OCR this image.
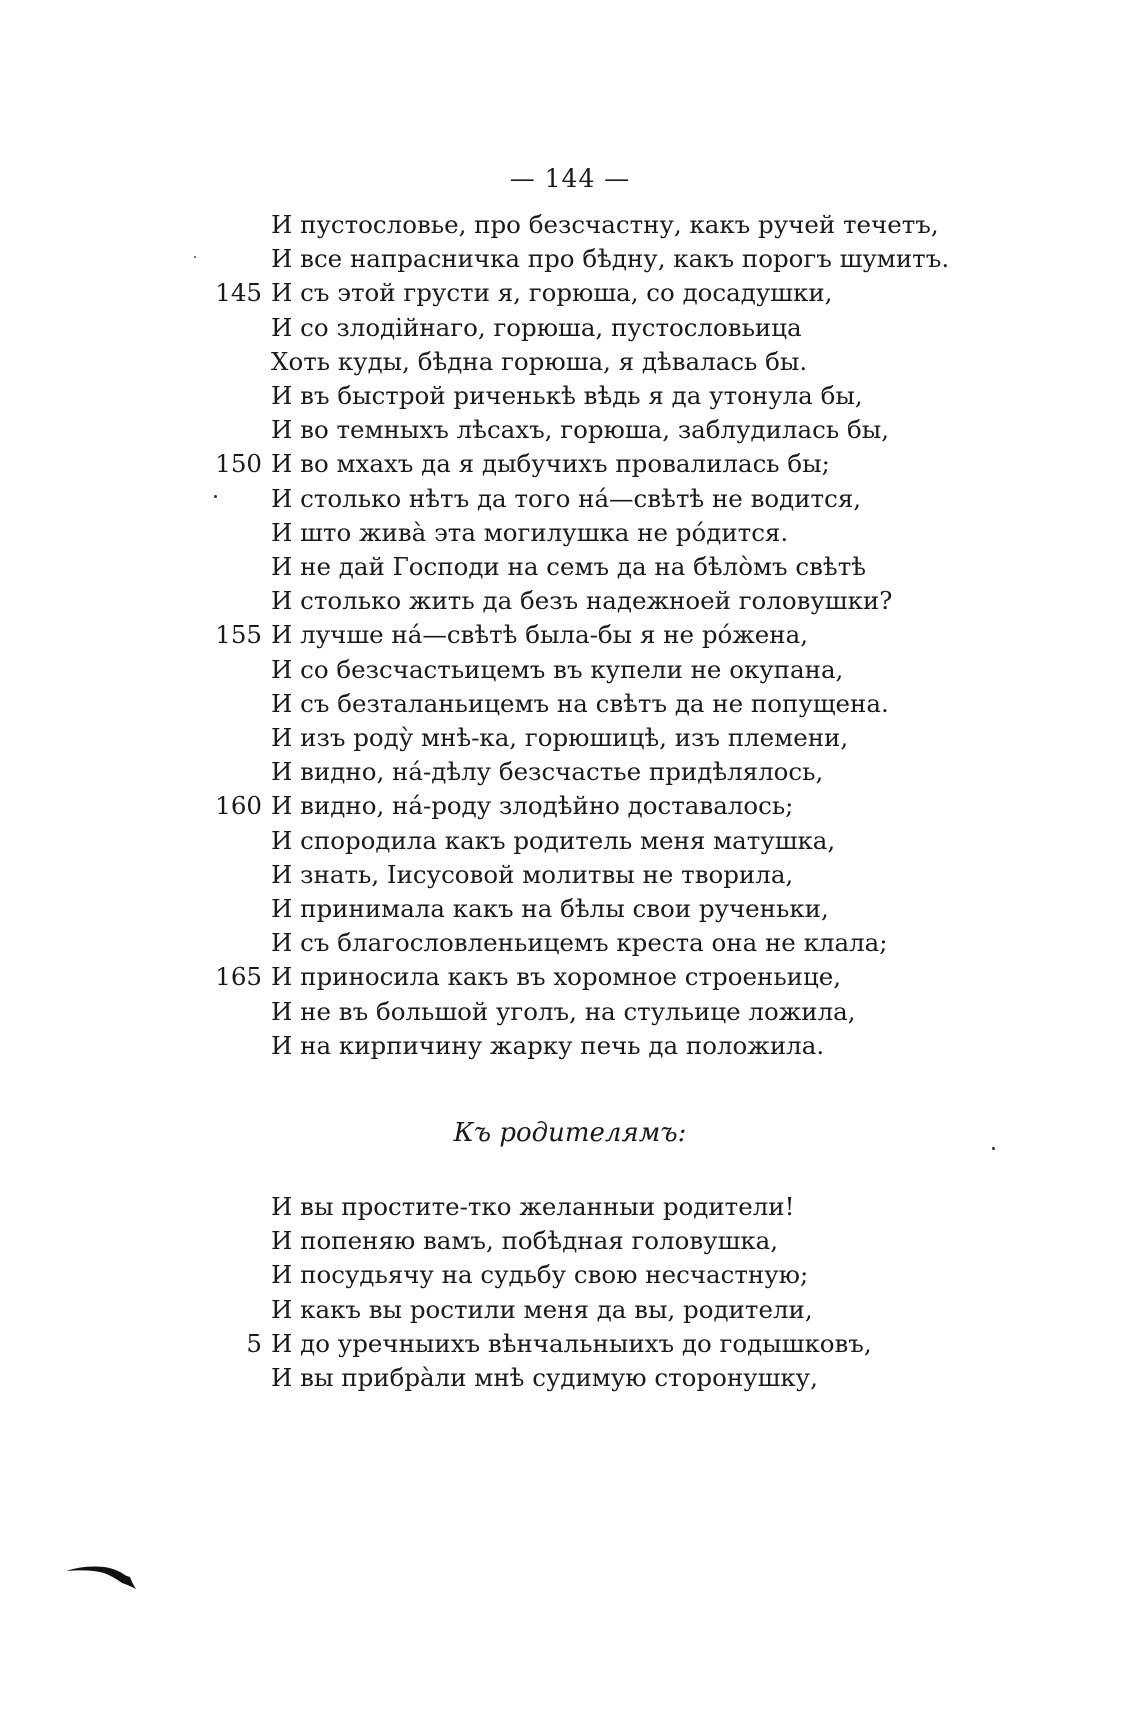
— 144 —
И пустословье, про безсчастну, какъ ручей течетъ,
И все напрасничка про бѣдну, какъ порогъ шумитъ.
145 И съ этой грусти я, горюша, со досадушки,
И со злодійнаго, горюша, пустословьица
Хоть куды, бѣдна горюша, я дѣвалась бы.
И въ быстрой риченькѣ вѣдь я да утонула бы,
И во темныхъ лѣсахъ, горюша, заблудилась бы,
150 И во мхахъ да я дыбучихъ провалилась бы;
И столько нѣтъ да того на́—свѣтѣ не водится,
И што жива̀ эта могилушка не ро́дится.
И не дай Господи на семъ да на бѣло̀мъ свѣтѣ
И столько жить да безъ надежноей головушки?
155 И лучше на́—свѣтѣ была-бы я не ро́жена,
И со безсчастьицемъ въ купели не окупана,
И съ безталаньицемъ на свѣтъ да не попущена.
И изъ роду̀ мнѣ-ка, горюшицѣ, изъ племени,
И видно, на́-дѣлу безсчастье придѣлялось,
160 И видно, на́-роду злодѣйно доставалось;
И спородила какъ родитель меня матушка,
И знать, Іисусовой молитвы не творила,
И принимала какъ на бѣлы свои рученьки,
И съ благословленьицемъ креста она не клала;
165 И приносила какъ въ хоромное строеньице,
И не въ большой уголъ, на стульице ложила,
И на кирпичину жарку печь да положила.
Къ родителямъ:
И вы простите-тко желанныи родители!
И попеняю вамъ, побѣдная головушка,
И посудьячу на судьбу свою несчастную;
И какъ вы ростили меня да вы, родители,
5 И до уречныихъ вѣнчальныихъ до годышковъ,
И вы прибра̀ли мнѣ судимую сторонушку,
